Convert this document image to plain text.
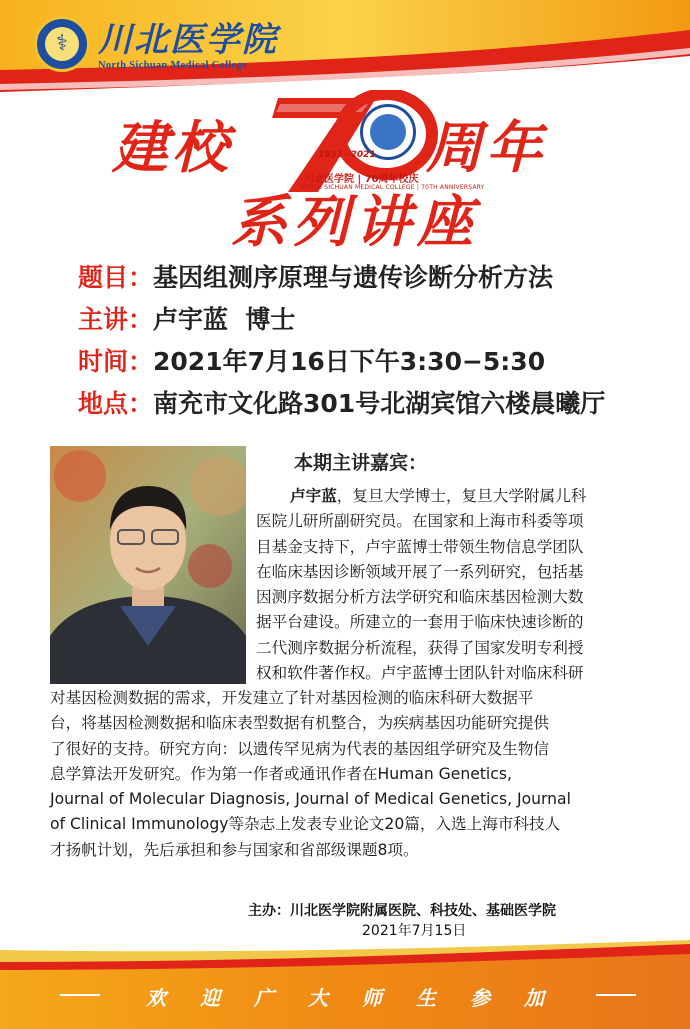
⚕ 川北医学院
North Sichuan Medical College
建校	1951~2021
川北医学院 | 70周年校庆
NORTH SICHUAN MEDICAL COLLEGE | 70TH ANNIVERSARY
周年
系列讲座
题目：基因组测序原理与遗传诊断分析方法
主讲：卢宇蓝  博士
时间：2021年7月16日下午3:30−5:30
地点：南充市文化路301号北湖宾馆六楼晨曦厅
本期主讲嘉宾：
卢宇蓝，复旦大学博士，复旦大学附属儿科
医院儿研所副研究员。在国家和上海市科委等项
目基金支持下，卢宇蓝博士带领生物信息学团队
在临床基因诊断领域开展了一系列研究，包括基
因测序数据分析方法学研究和临床基因检测大数
据平台建设。所建立的一套用于临床快速诊断的
二代测序数据分析流程，获得了国家发明专利授
权和软件著作权。卢宇蓝博士团队针对临床科研
对基因检测数据的需求，开发建立了针对基因检测的临床科研大数据平
台，将基因检测数据和临床表型数据有机整合，为疾病基因功能研究提供
了很好的支持。研究方向：以遗传罕见病为代表的基因组学研究及生物信
息学算法开发研究。作为第一作者或通讯作者在Human Genetics,
Journal of Molecular Diagnosis, Journal of Medical Genetics, Journal
of Clinical Immunology等杂志上发表专业论文20篇，入选上海市科技人
才扬帆计划，先后承担和参与国家和省部级课题8项。
主办：川北医学院附属医院、科技处、基础医学院
2021年7月15日
欢迎广大师生参加
